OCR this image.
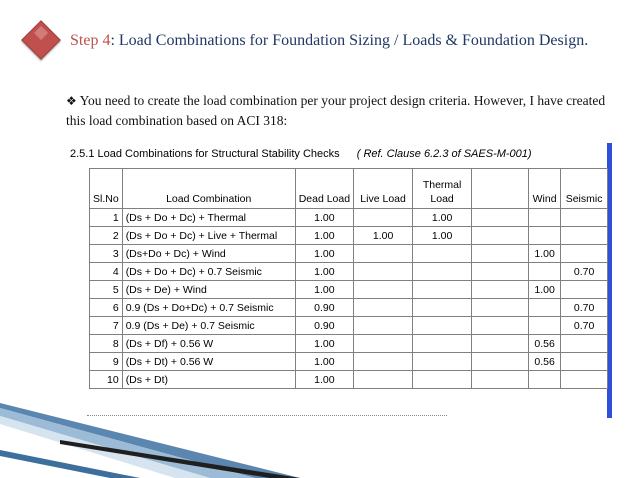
Step 4: Load Combinations for Foundation Sizing / Loads & Foundation Design.
❖ You need to create the load combination per your project design criteria. However, I have created this load combination based on ACI 318:
2.5.1 Load Combinations for Structural Stability Checks ( Ref. Clause 6.2.3 of SAES-M-001)
Sl.No	Load Combination	Dead Load	Live Load	Thermal Load		Wind	Seismic
1	(Ds + Do + Dc) + Thermal	1.00		1.00			
2	(Ds + Do + Dc) + Live + Thermal	1.00	1.00	1.00			
3	(Ds+Do + Dc) + Wind	1.00				1.00	
4	(Ds + Do + Dc) + 0.7 Seismic	1.00					0.70
5	(Ds + De) + Wind	1.00				1.00	
6	0.9 (Ds + Do+Dc) + 0.7 Seismic	0.90					0.70
7	0.9 (Ds + De) + 0.7 Seismic	0.90					0.70
8	(Ds + Df) + 0.56 W	1.00				0.56	
9	(Ds + Dt) + 0.56 W	1.00				0.56	
10	(Ds + Dt)	1.00					
